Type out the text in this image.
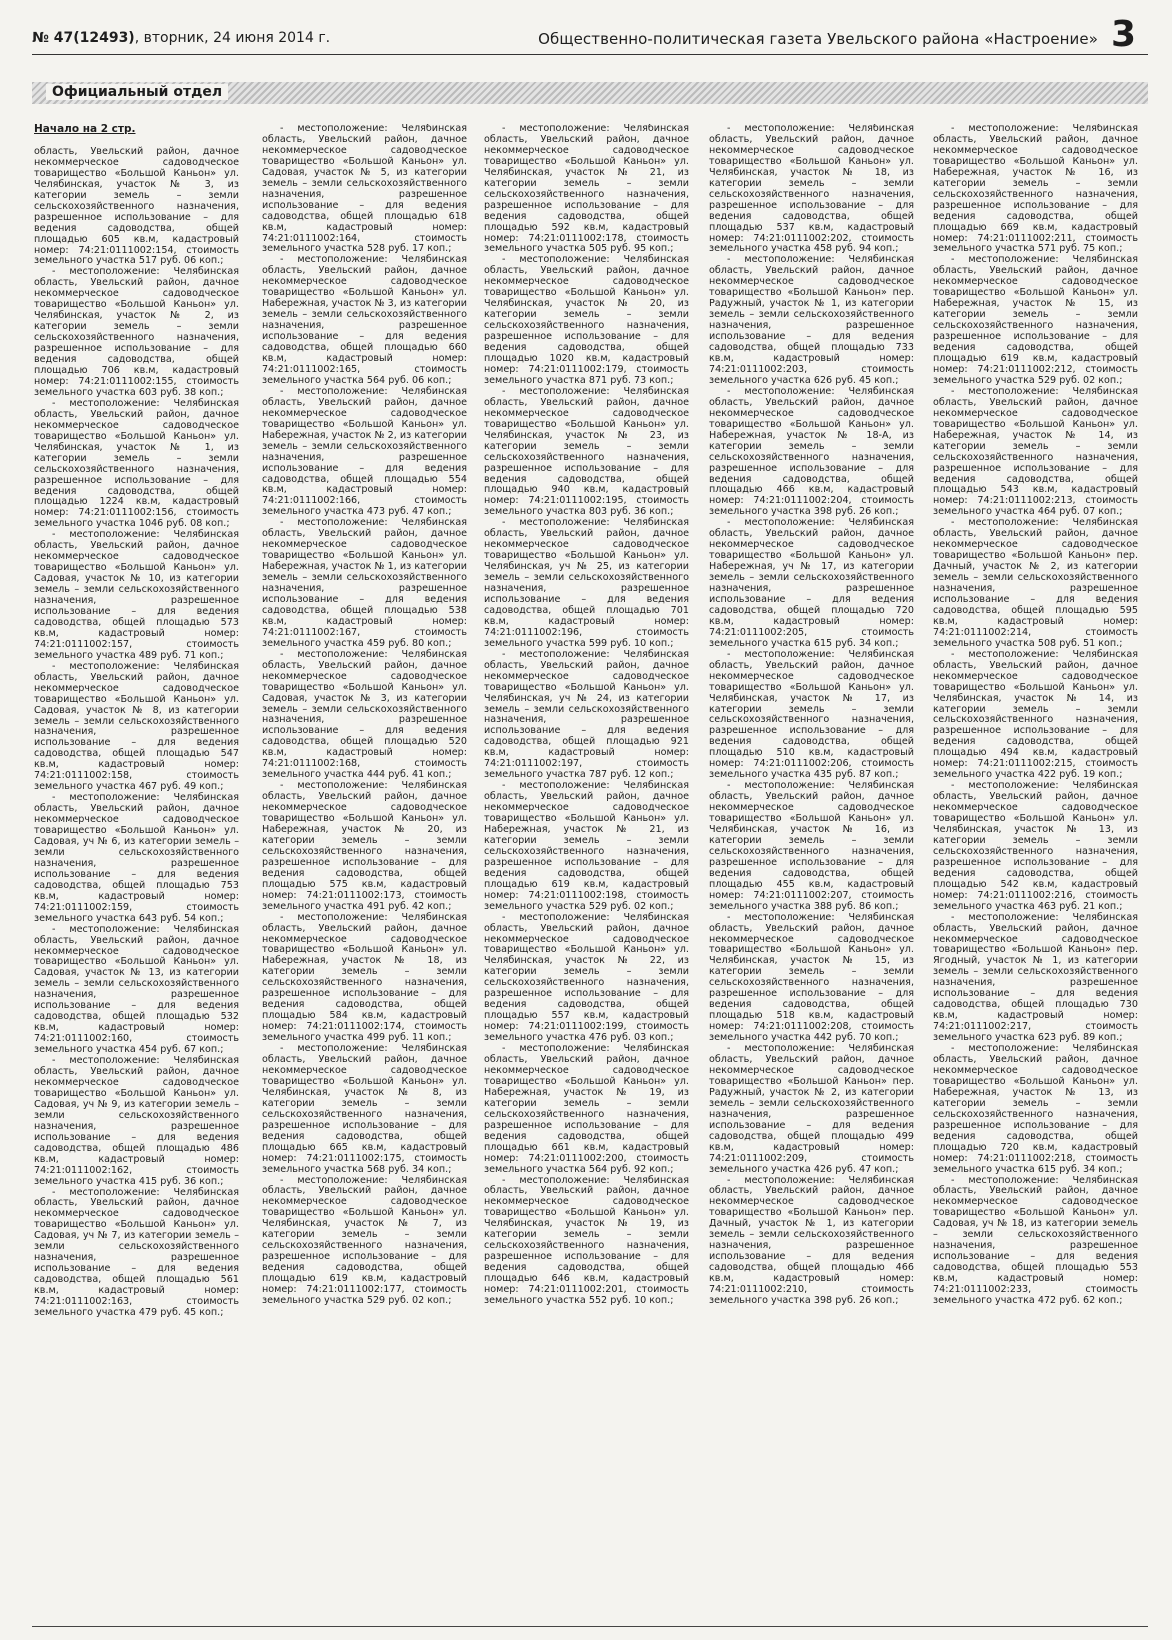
№ 47(12493), вторник, 24 июня 2014 г.	Общественно-политическая газета Увельского района «Настроение» 3
Официальный отдел
Начало на 2 стр.

область, Увельский район, дачное некоммерческое садоводческое товарищество «Большой Каньон» ул. Челябинская, участок № 3, из категории земель – земли сельскохозяйственного назначения, разрешенное использование – для ведения садоводства, общей площадью 605 кв.м, кадастровый номер: 74:21:0111002:154, стоимость земельного участка 517 руб. 06 коп.;

- местоположение: Челябинская область, Увельский район, дачное некоммерческое садоводческое товарищество «Большой Каньон» ул. Челябинская, участок № 2, из категории земель – земли сельскохозяйственного назначения, разрешенное использование – для ведения садоводства, общей площадью 706 кв.м, кадастровый номер: 74:21:0111002:155, стоимость земельного участка 603 руб. 38 коп.;

- местоположение: Челябинская область, Увельский район, дачное некоммерческое садоводческое товарищество «Большой Каньон» ул. Челябинская, участок № 1, из категории земель – земли сельскохозяйственного назначения, разрешенное использование – для ведения садоводства, общей площадью 1224 кв.м, кадастровый номер: 74:21:0111002:156, стоимость земельного участка 1046 руб. 08 коп.;

- местоположение: Челябинская область, Увельский район, дачное некоммерческое садоводческое товарищество «Большой Каньон» ул. Садовая, участок № 10, из категории земель – земли сельскохозяйственного назначения, разрешенное использование – для ведения садоводства, общей площадью 573 кв.м, кадастровый номер: 74:21:0111002:157, стоимость земельного участка 489 руб. 71 коп.;

- местоположение: Челябинская область, Увельский район, дачное некоммерческое садоводческое товарищество «Большой Каньон» ул. Садовая, участок № 8, из категории земель – земли сельскохозяйственного назначения, разрешенное использование – для ведения садоводства, общей площадью 547 кв.м, кадастровый номер: 74:21:0111002:158, стоимость земельного участка 467 руб. 49 коп.;

- местоположение: Челябинская область, Увельский район, дачное некоммерческое садоводческое товарищество «Большой Каньон» ул. Садовая, уч № 6, из категории земель – земли сельскохозяйственного назначения, разрешенное использование – для ведения садоводства, общей площадью 753 кв.м, кадастровый номер: 74:21:0111002:159, стоимость земельного участка 643 руб. 54 коп.;

- местоположение: Челябинская область, Увельский район, дачное некоммерческое садоводческое товарищество «Большой Каньон» ул. Садовая, участок № 13, из категории земель – земли сельскохозяйственного назначения, разрешенное использование – для ведения садоводства, общей площадью 532 кв.м, кадастровый номер: 74:21:0111002:160, стоимость земельного участка 454 руб. 67 коп.;

- местоположение: Челябинская область, Увельский район, дачное некоммерческое садоводческое товарищество «Большой Каньон» ул. Садовая, уч № 9, из категории земель – земли сельскохозяйственного назначения, разрешенное использование – для ведения садоводства, общей площадью 486 кв.м, кадастровый номер: 74:21:0111002:162, стоимость земельного участка 415 руб. 36 коп.;

- местоположение: Челябинская область, Увельский район, дачное некоммерческое садоводческое товарищество «Большой Каньон» ул. Садовая, уч № 7, из категории земель – земли сельскохозяйственного назначения, разрешенное использование – для ведения садоводства, общей площадью 561 кв.м, кадастровый номер: 74:21:0111002:163, стоимость земельного участка 479 руб. 45 коп.;

- местоположение: Челябинская область, Увельский район, дачное некоммерческое садоводческое товарищество «Большой Каньон» ул. Садовая, участок № 5, из категории земель – земли сельскохозяйственного назначения, разрешенное использование – для ведения садоводства, общей площадью 618 кв.м, кадастровый номер: 74:21:0111002:164, стоимость земельного участка 528 руб. 17 коп.;

- местоположение: Челябинская область, Увельский район, дачное некоммерческое садоводческое товарищество «Большой Каньон» ул. Набережная, участок № 3, из категории земель – земли сельскохозяйственного назначения, разрешенное использование – для ведения садоводства, общей площадью 660 кв.м, кадастровый номер: 74:21:0111002:165, стоимость земельного участка 564 руб. 06 коп.;

- местоположение: Челябинская область, Увельский район, дачное некоммерческое садоводческое товарищество «Большой Каньон» ул. Набережная, участок № 2, из категории земель – земли сельскохозяйственного назначения, разрешенное использование – для ведения садоводства, общей площадью 554 кв.м, кадастровый номер: 74:21:0111002:166, стоимость земельного участка 473 руб. 47 коп.;

- местоположение: Челябинская область, Увельский район, дачное некоммерческое садоводческое товарищество «Большой Каньон» ул. Набережная, участок № 1, из категории земель – земли сельскохозяйственного назначения, разрешенное использование – для ведения садоводства, общей площадью 538 кв.м, кадастровый номер: 74:21:0111002:167, стоимость земельного участка 459 руб. 80 коп.;

- местоположение: Челябинская область, Увельский район, дачное некоммерческое садоводческое товарищество «Большой Каньон» ул. Садовая, участок № 3, из категории земель – земли сельскохозяйственного назначения, разрешенное использование – для ведения садоводства, общей площадью 520 кв.м, кадастровый номер: 74:21:0111002:168, стоимость земельного участка 444 руб. 41 коп.;

- местоположение: Челябинская область, Увельский район, дачное некоммерческое садоводческое товарищество «Большой Каньон» ул. Набережная, участок № 20, из категории земель – земли сельскохозяйственного назначения, разрешенное использование – для ведения садоводства, общей площадью 575 кв.м, кадастровый номер: 74:21:0111002:173, стоимость земельного участка 491 руб. 42 коп.;

- местоположение: Челябинская область, Увельский район, дачное некоммерческое садоводческое товарищество «Большой Каньон» ул. Набережная, участок № 18, из категории земель – земли сельскохозяйственного назначения, разрешенное использование – для ведения садоводства, общей площадью 584 кв.м, кадастровый номер: 74:21:0111002:174, стоимость земельного участка 499 руб. 11 коп.;

- местоположение: Челябинская область, Увельский район, дачное некоммерческое садоводческое товарищество «Большой Каньон» ул. Челябинская, участок № 8, из категории земель – земли сельскохозяйственного назначения, разрешенное использование – для ведения садоводства, общей площадью 665 кв.м, кадастровый номер: 74:21:0111002:175, стоимость земельного участка 568 руб. 34 коп.;

- местоположение: Челябинская область, Увельский район, дачное некоммерческое садоводческое товарищество «Большой Каньон» ул. Челябинская, участок № 7, из категории земель – земли сельскохозяйственного назначения, разрешенное использование – для ведения садоводства, общей площадью 619 кв.м, кадастровый номер: 74:21:0111002:177, стоимость земельного участка 529 руб. 02 коп.;

- местоположение: Челябинская область, Увельский район, дачное некоммерческое садоводческое товарищество «Большой Каньон» ул. Челябинская, участок № 21, из категории земель – земли сельскохозяйственного назначения, разрешенное использование – для ведения садоводства, общей площадью 592 кв.м, кадастровый номер: 74:21:0111002:178, стоимость земельного участка 505 руб. 95 коп.;

- местоположение: Челябинская область, Увельский район, дачное некоммерческое садоводческое товарищество «Большой Каньон» ул. Челябинская, участок № 20, из категории земель – земли сельскохозяйственного назначения, разрешенное использование – для ведения садоводства, общей площадью 1020 кв.м, кадастровый номер: 74:21:0111002:179, стоимость земельного участка 871 руб. 73 коп.;

- местоположение: Челябинская область, Увельский район, дачное некоммерческое садоводческое товарищество «Большой Каньон» ул. Челябинская, участок № 23, из категории земель – земли сельскохозяйственного назначения, разрешенное использование – для ведения садоводства, общей площадью 940 кв.м, кадастровый номер: 74:21:0111002:195, стоимость земельного участка 803 руб. 36 коп.;

- местоположение: Челябинская область, Увельский район, дачное некоммерческое садоводческое товарищество «Большой Каньон» ул. Челябинская, уч № 25, из категории земель – земли сельскохозяйственного назначения, разрешенное использование – для ведения садоводства, общей площадью 701 кв.м, кадастровый номер: 74:21:0111002:196, стоимость земельного участка 599 руб. 10 коп.;

- местоположение: Челябинская область, Увельский район, дачное некоммерческое садоводческое товарищество «Большой Каньон» ул. Челябинская, уч № 24, из категории земель – земли сельскохозяйственного назначения, разрешенное использование – для ведения садоводства, общей площадью 921 кв.м, кадастровый номер: 74:21:0111002:197, стоимость земельного участка 787 руб. 12 коп.;

- местоположение: Челябинская область, Увельский район, дачное некоммерческое садоводческое товарищество «Большой Каньон» ул. Набережная, участок № 21, из категории земель – земли сельскохозяйственного назначения, разрешенное использование – для ведения садоводства, общей площадью 619 кв.м, кадастровый номер: 74:21:0111002:198, стоимость земельного участка 529 руб. 02 коп.;

- местоположение: Челябинская область, Увельский район, дачное некоммерческое садоводческое товарищество «Большой Каньон» ул. Челябинская, участок № 22, из категории земель – земли сельскохозяйственного назначения, разрешенное использование – для ведения садоводства, общей площадью 557 кв.м, кадастровый номер: 74:21:0111002:199, стоимость земельного участка 476 руб. 03 коп.;

- местоположение: Челябинская область, Увельский район, дачное некоммерческое садоводческое товарищество «Большой Каньон» ул. Набережная, участок № 19, из категории земель – земли сельскохозяйственного назначения, разрешенное использование – для ведения садоводства, общей площадью 661 кв.м, кадастровый номер: 74:21:0111002:200, стоимость земельного участка 564 руб. 92 коп.;

- местоположение: Челябинская область, Увельский район, дачное некоммерческое садоводческое товарищество «Большой Каньон» ул. Челябинская, участок № 19, из категории земель – земли сельскохозяйственного назначения, разрешенное использование – для ведения садоводства, общей площадью 646 кв.м, кадастровый номер: 74:21:0111002:201, стоимость земельного участка 552 руб. 10 коп.;

- местоположение: Челябинская область, Увельский район, дачное некоммерческое садоводческое товарищество «Большой Каньон» ул. Челябинская, участок № 18, из категории земель – земли сельскохозяйственного назначения, разрешенное использование – для ведения садоводства, общей площадью 537 кв.м, кадастровый номер: 74:21:0111002:202, стоимость земельного участка 458 руб. 94 коп.;

- местоположение: Челябинская область, Увельский район, дачное некоммерческое садоводческое товарищество «Большой Каньон» пер. Радужный, участок № 1, из категории земель – земли сельскохозяйственного назначения, разрешенное использование – для ведения садоводства, общей площадью 733 кв.м, кадастровый номер: 74:21:0111002:203, стоимость земельного участка 626 руб. 45 коп.;

- местоположение: Челябинская область, Увельский район, дачное некоммерческое садоводческое товарищество «Большой Каньон» ул. Набережная, участок № 18-А, из категории земель – земли сельскохозяйственного назначения, разрешенное использование – для ведения садоводства, общей площадью 466 кв.м, кадастровый номер: 74:21:0111002:204, стоимость земельного участка 398 руб. 26 коп.;

- местоположение: Челябинская область, Увельский район, дачное некоммерческое садоводческое товарищество «Большой Каньон» ул. Набережная, уч № 17, из категории земель – земли сельскохозяйственного назначения, разрешенное использование – для ведения садоводства, общей площадью 720 кв.м, кадастровый номер: 74:21:0111002:205, стоимость земельного участка 615 руб. 34 коп.;

- местоположение: Челябинская область, Увельский район, дачное некоммерческое садоводческое товарищество «Большой Каньон» ул. Челябинская, участок № 17, из категории земель – земли сельскохозяйственного назначения, разрешенное использование – для ведения садоводства, общей площадью 510 кв.м, кадастровый номер: 74:21:0111002:206, стоимость земельного участка 435 руб. 87 коп.;

- местоположение: Челябинская область, Увельский район, дачное некоммерческое садоводческое товарищество «Большой Каньон» ул. Челябинская, участок № 16, из категории земель – земли сельскохозяйственного назначения, разрешенное использование – для ведения садоводства, общей площадью 455 кв.м, кадастровый номер: 74:21:0111002:207, стоимость земельного участка 388 руб. 86 коп.;

- местоположение: Челябинская область, Увельский район, дачное некоммерческое садоводческое товарищество «Большой Каньон» ул. Челябинская, участок № 15, из категории земель – земли сельскохозяйственного назначения, разрешенное использование – для ведения садоводства, общей площадью 518 кв.м, кадастровый номер: 74:21:0111002:208, стоимость земельного участка 442 руб. 70 коп.;

- местоположение: Челябинская область, Увельский район, дачное некоммерческое садоводческое товарищество «Большой Каньон» пер. Радужный, участок № 2, из категории земель – земли сельскохозяйственного назначения, разрешенное использование – для ведения садоводства, общей площадью 499 кв.м, кадастровый номер: 74:21:0111002:209, стоимость земельного участка 426 руб. 47 коп.;

- местоположение: Челябинская область, Увельский район, дачное некоммерческое садоводческое товарищество «Большой Каньон» пер. Дачный, участок № 1, из категории земель – земли сельскохозяйственного назначения, разрешенное использование – для ведения садоводства, общей площадью 466 кв.м, кадастровый номер: 74:21:0111002:210, стоимость земельного участка 398 руб. 26 коп.;

- местоположение: Челябинская область, Увельский район, дачное некоммерческое садоводческое товарищество «Большой Каньон» ул. Набережная, участок № 16, из категории земель – земли сельскохозяйственного назначения, разрешенное использование – для ведения садоводства, общей площадью 669 кв.м, кадастровый номер: 74:21:0111002:211, стоимость земельного участка 571 руб. 75 коп.;

- местоположение: Челябинская область, Увельский район, дачное некоммерческое садоводческое товарищество «Большой Каньон» ул. Набережная, участок № 15, из категории земель – земли сельскохозяйственного назначения, разрешенное использование – для ведения садоводства, общей площадью 619 кв.м, кадастровый номер: 74:21:0111002:212, стоимость земельного участка 529 руб. 02 коп.;

- местоположение: Челябинская область, Увельский район, дачное некоммерческое садоводческое товарищество «Большой Каньон» ул. Набережная, участок № 14, из категории земель – земли сельскохозяйственного назначения, разрешенное использование – для ведения садоводства, общей площадью 543 кв.м, кадастровый номер: 74:21:0111002:213, стоимость земельного участка 464 руб. 07 коп.;

- местоположение: Челябинская область, Увельский район, дачное некоммерческое садоводческое товарищество «Большой Каньон» пер. Дачный, участок № 2, из категории земель – земли сельскохозяйственного назначения, разрешенное использование – для ведения садоводства, общей площадью 595 кв.м, кадастровый номер: 74:21:0111002:214, стоимость земельного участка 508 руб. 51 коп.;

- местоположение: Челябинская область, Увельский район, дачное некоммерческое садоводческое товарищество «Большой Каньон» ул. Челябинская, участок № 14, из категории земель – земли сельскохозяйственного назначения, разрешенное использование – для ведения садоводства, общей площадью 494 кв.м, кадастровый номер: 74:21:0111002:215, стоимость земельного участка 422 руб. 19 коп.;

- местоположение: Челябинская область, Увельский район, дачное некоммерческое садоводческое товарищество «Большой Каньон» ул. Челябинская, участок № 13, из категории земель – земли сельскохозяйственного назначения, разрешенное использование – для ведения садоводства, общей площадью 542 кв.м, кадастровый номер: 74:21:0111002:216, стоимость земельного участка 463 руб. 21 коп.;

- местоположение: Челябинская область, Увельский район, дачное некоммерческое садоводческое товарищество «Большой Каньон» пер. Ягодный, участок № 1, из категории земель – земли сельскохозяйственного назначения, разрешенное использование – для ведения садоводства, общей площадью 730 кв.м, кадастровый номер: 74:21:0111002:217, стоимость земельного участка 623 руб. 89 коп.;

- местоположение: Челябинская область, Увельский район, дачное некоммерческое садоводческое товарищество «Большой Каньон» ул. Набережная, участок № 13, из категории земель – земли сельскохозяйственного назначения, разрешенное использование – для ведения садоводства, общей площадью 720 кв.м, кадастровый номер: 74:21:0111002:218, стоимость земельного участка 615 руб. 34 коп.;

- местоположение: Челябинская область, Увельский район, дачное некоммерческое садоводческое товарищество «Большой Каньон» ул. Садовая, уч № 18, из категории земель – земли сельскохозяйственного назначения, разрешенное использование – для ведения садоводства, общей площадью 553 кв.м, кадастровый номер: 74:21:0111002:233, стоимость земельного участка 472 руб. 62 коп.;
